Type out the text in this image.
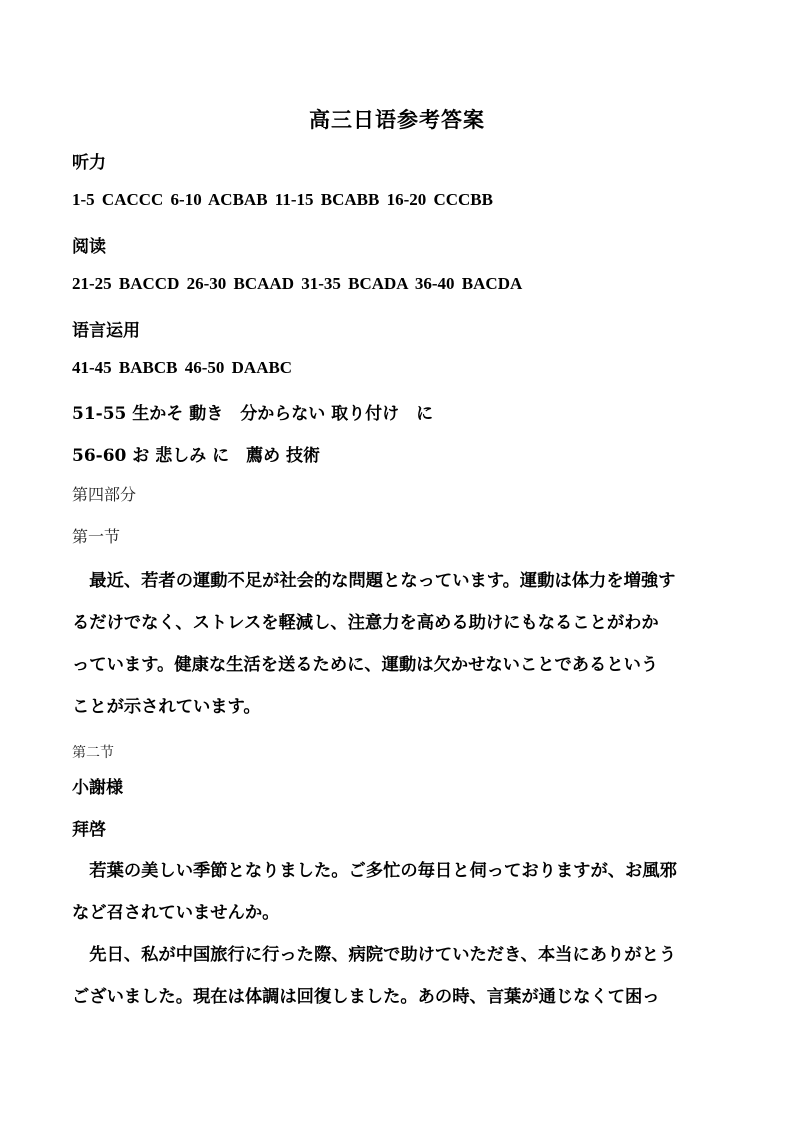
高三日语参考答案
听力
1-5 CACCC 6-10 ACBAB 11-15 BCABB 16-20 CCCBB
阅读
21-25 BACCD 26-30 BCAAD 31-35 BCADA 36-40 BACDA
语言运用
41-45 BABCB 46-50 DAABC
51-55 生かそ 動き　分からない 取り付け　に
56-60 お 悲しみ に　薦め 技術
第四部分
第一节
　最近、若者の運動不足が社会的な問題となっています。運動は体力を増強す
るだけでなく、ストレスを軽減し、注意力を高める助けにもなることがわか
っています。健康な生活を送るために、運動は欠かせないことであるという
ことが示されています。
第二节
小謝様
拜啓
　若葉の美しい季節となりました。ご多忙の毎日と伺っておりますが、お風邪
など召されていませんか。
　先日、私が中国旅行に行った際、病院で助けていただき、本当にありがとう
ございました。現在は体調は回復しました。あの時、言葉が通じなくて困っ
